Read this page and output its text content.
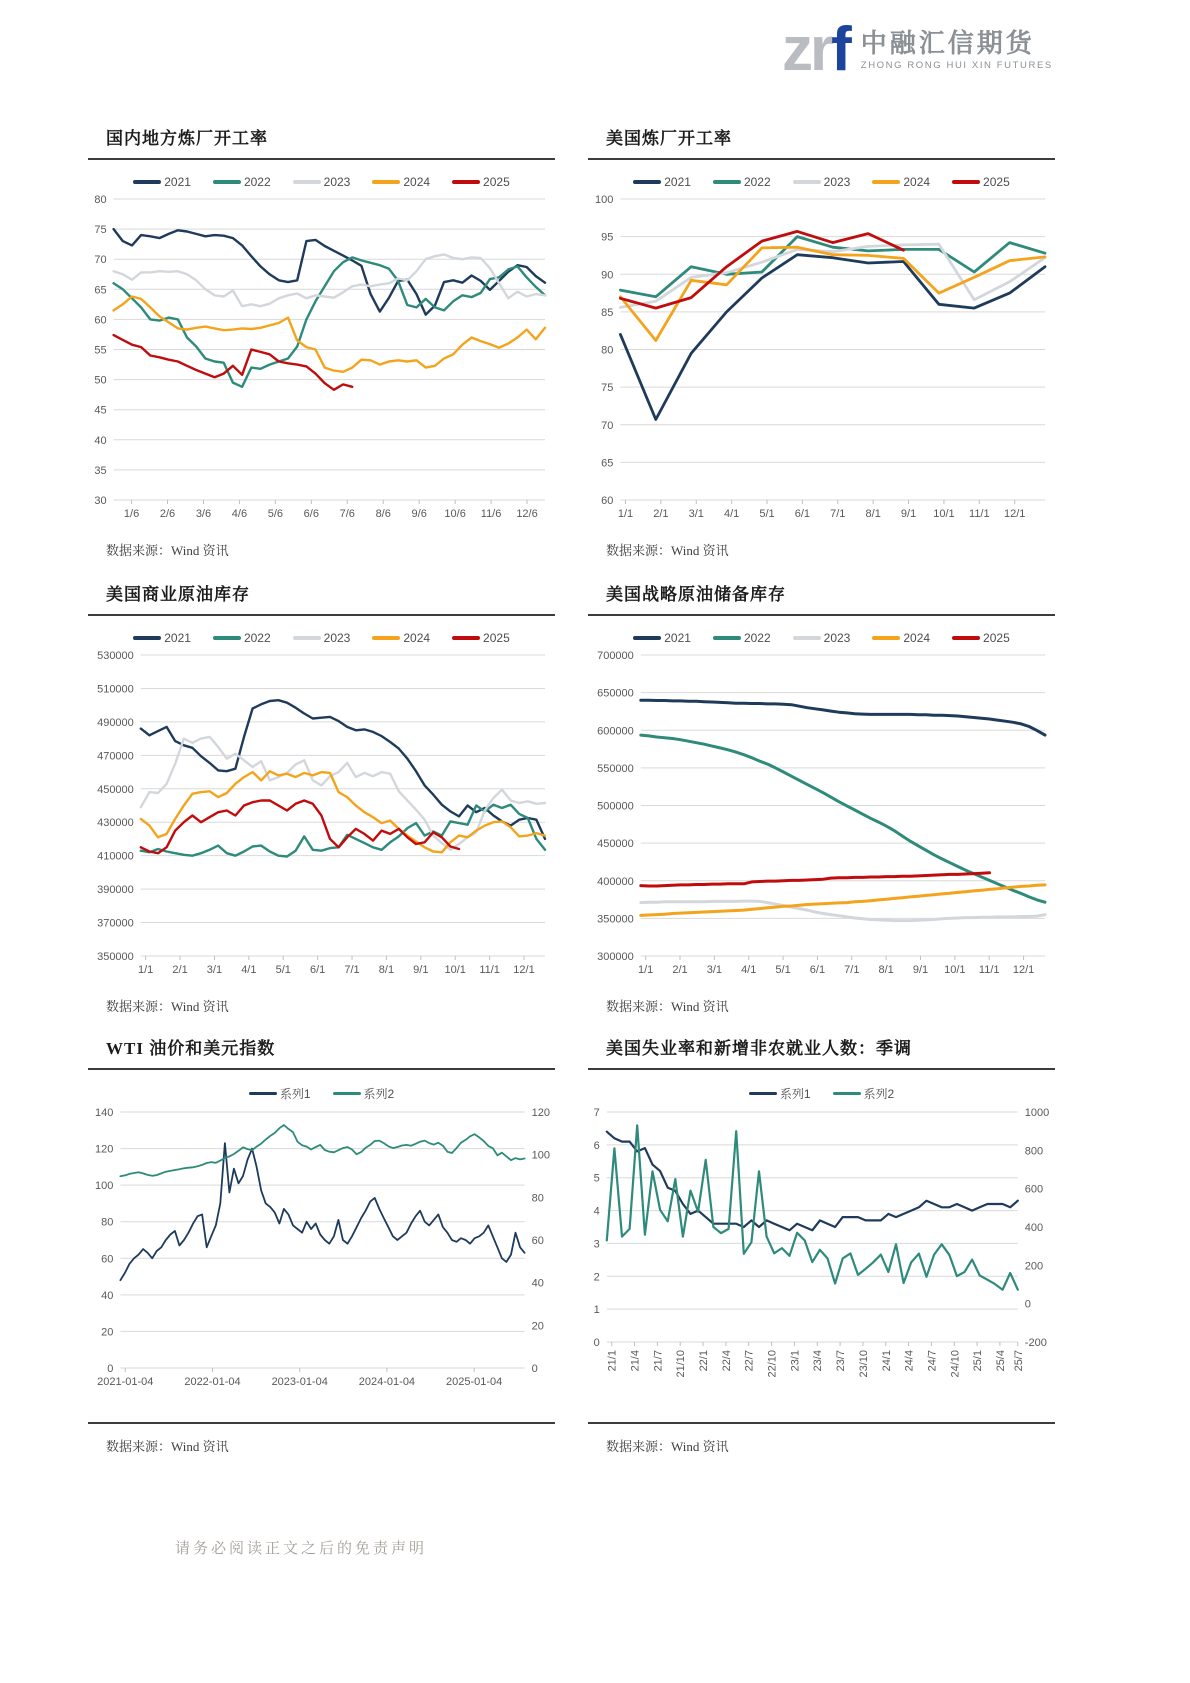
zrf 中融汇信期货
ZHONG RONG HUI XIN FUTURES
国内地方炼厂开工率
2021	2022	2023	2024	2025
30
35
40
45
50
55
60
65
70
75
80
1/6 2/6 3/6 4/6 5/6 6/6 7/6 8/6 9/6 10/6 11/6 12/6
数据来源：Wind 资讯
美国炼厂开工率
2021	2022	2023	2024	2025
60
65
70
75
80
85
90
95
100
1/1 2/1 3/1 4/1 5/1 6/1 7/1 8/1 9/1 10/1 11/1 12/1
数据来源：Wind 资讯
美国商业原油库存
2021	2022	2023	2024	2025
350000
370000
390000
410000
430000
450000
470000
490000
510000
530000
1/1 2/1 3/1 4/1 5/1 6/1 7/1 8/1 9/1 10/1 11/1 12/1
数据来源：Wind 资讯
美国战略原油储备库存
2021	2022	2023	2024	2025
300000
350000
400000
450000
500000
550000
600000
650000
700000
1/1 2/1 3/1 4/1 5/1 6/1 7/1 8/1 9/1 10/1 11/1 12/1
数据来源：Wind 资讯
WTI 油价和美元指数
系列1	系列2
0
20
40
60
80
100
120
140
0
20
40
60
80
100
120
2021-01-04	2022-01-04	2023-01-04	2024-01-04	2025-01-04
数据来源：Wind 资讯
美国失业率和新增非农就业人数：季调
系列1	系列2
0
1
2
3
4
5
6
7
-200
0
200
400
600
800
1000
21/1 21/4 21/7 21/10 22/1 22/4 22/7 22/10 23/1 23/4 23/7 23/10 24/1 24/4 24/7 24/10 25/1 25/4 25/7
数据来源：Wind 资讯
请务必阅读正文之后的免责声明
